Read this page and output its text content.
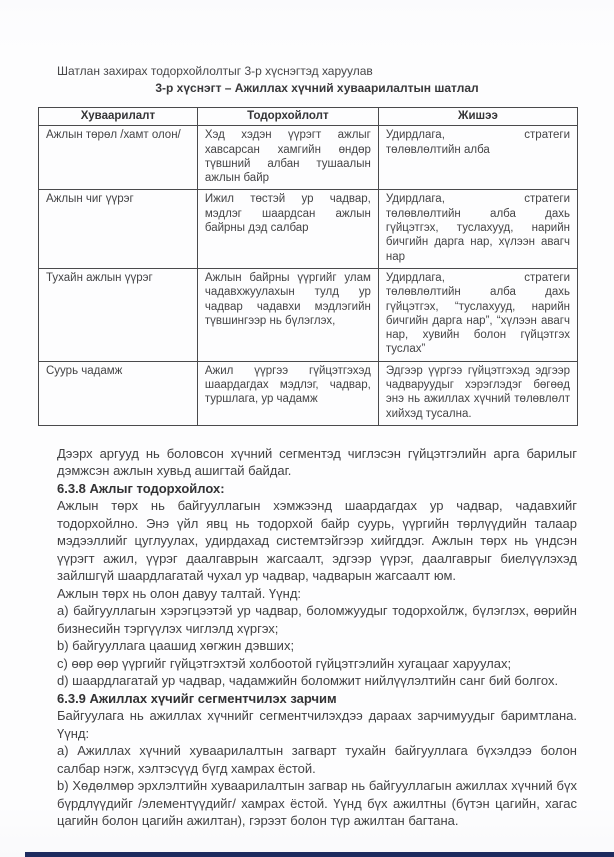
Шатлан захирах тодорхойлолтыг 3-р хүснэгтэд харуулав
3-р хүснэгт – Ажиллах хүчний хуваарилалтын шатлал
Хуваарилалт	Тодорхойлолт	Жишээ
Ажлын төрөл /хамт олон/	Хэд хэдэн үүрэгт ажлыг хавсарсан хамгийн өндөр түвшний албан тушаалын ажлын байр	Удирдлага, стратеги төлөвлөлтийн алба
Ажлын чиг үүрэг	Ижил төстэй ур чадвар, мэдлэг шаардсан ажлын байрны дэд салбар	Удирдлага, стратеги төлөвлөлтийн алба дахь гүйцэтгэх, туслахууд, нарийн бичгийн дарга нар, хүлээн авагч нар
Тухайн ажлын үүрэг	Ажлын байрны үүргийг улам чадавхжуулахын тулд ур чадвар чадавхи мэдлэгийн түвшингээр нь бүлэглэх,	Удирдлага, стратеги төлөвлөлтийн алба дахь гүйцэтгэх, “туслахууд, нарийн бичгийн дарга нар”, “хүлээн авагч нар, хувийн болон гүйцэтгэх туслах”
Суурь чадамж	Ажил үүргээ гүйцэтгэхэд шаардагдах мэдлэг, чадвар, туршлага, ур чадамж	Эдгээр үүргээ гүйцэтгэхэд эдгээр чадваруудыг хэрэглэдэг бөгөөд энэ нь ажиллах хүчний төлөвлөлт хийхэд тусална.

Дээрх аргууд нь боловсон хүчний сегментэд чиглэсэн гүйцэтгэлийн арга барилыг дэмжсэн ажлын хувьд ашигтай байдаг.

6.3.8 Ажлыг тодорхойлох:

Ажлын төрх нь байгууллагын хэмжээнд шаардагдах ур чадвар, чадавхийг тодорхойлно. Энэ үйл явц нь тодорхой байр суурь, үүргийн төрлүүдийн талаар мэдээллийг цуглуулах, удирдахад системтэйгээр хийгддэг. Ажлын төрх нь үндсэн үүрэгт ажил, үүрэг даалгаврын жагсаалт, эдгээр үүрэг, даалгаврыг биелүүлэхэд зайлшгүй шаардлагатай чухал ур чадвар, чадварын жагсаалт юм.

Ажлын төрх нь олон давуу талтай. Үүнд:

a) байгууллагын хэрэгцээтэй ур чадвар, боломжуудыг тодорхойлж, бүлэглэх, өөрийн бизнесийн тэргүүлэх чиглэлд хүргэх;

b) байгууллага цаашид хөгжин дэвших;

c) өөр өөр үүргийг гүйцэтгэхтэй холбоотой гүйцэтгэлийн хугацааг харуулах;

d) шаардлагатай ур чадвар, чадамжийн боломжит нийлүүлэлтийн санг бий болгох.

6.3.9 Ажиллах хүчийг сегментчилэх зарчим

Байгуулага нь ажиллах хүчнийг сегментчилэхдээ дараах зарчимуудыг баримтлана. Үүнд:

a) Ажиллах хүчний хуваарилалтын загварт тухайн байгууллага бүхэлдээ болон салбар нэгж, хэлтэсүүд бүгд хамрах ёстой.

b) Хөдөлмөр эрхлэлтийн хуваарилалтын загвар нь байгууллагын ажиллах хүчний бүх бүрдлүүдийг /элементүүдийг/ хамрах ёстой. Үүнд бүх ажилтны (бүтэн цагийн, хагас цагийн болон цагийн ажилтан), гэрээт болон түр ажилтан багтана.
